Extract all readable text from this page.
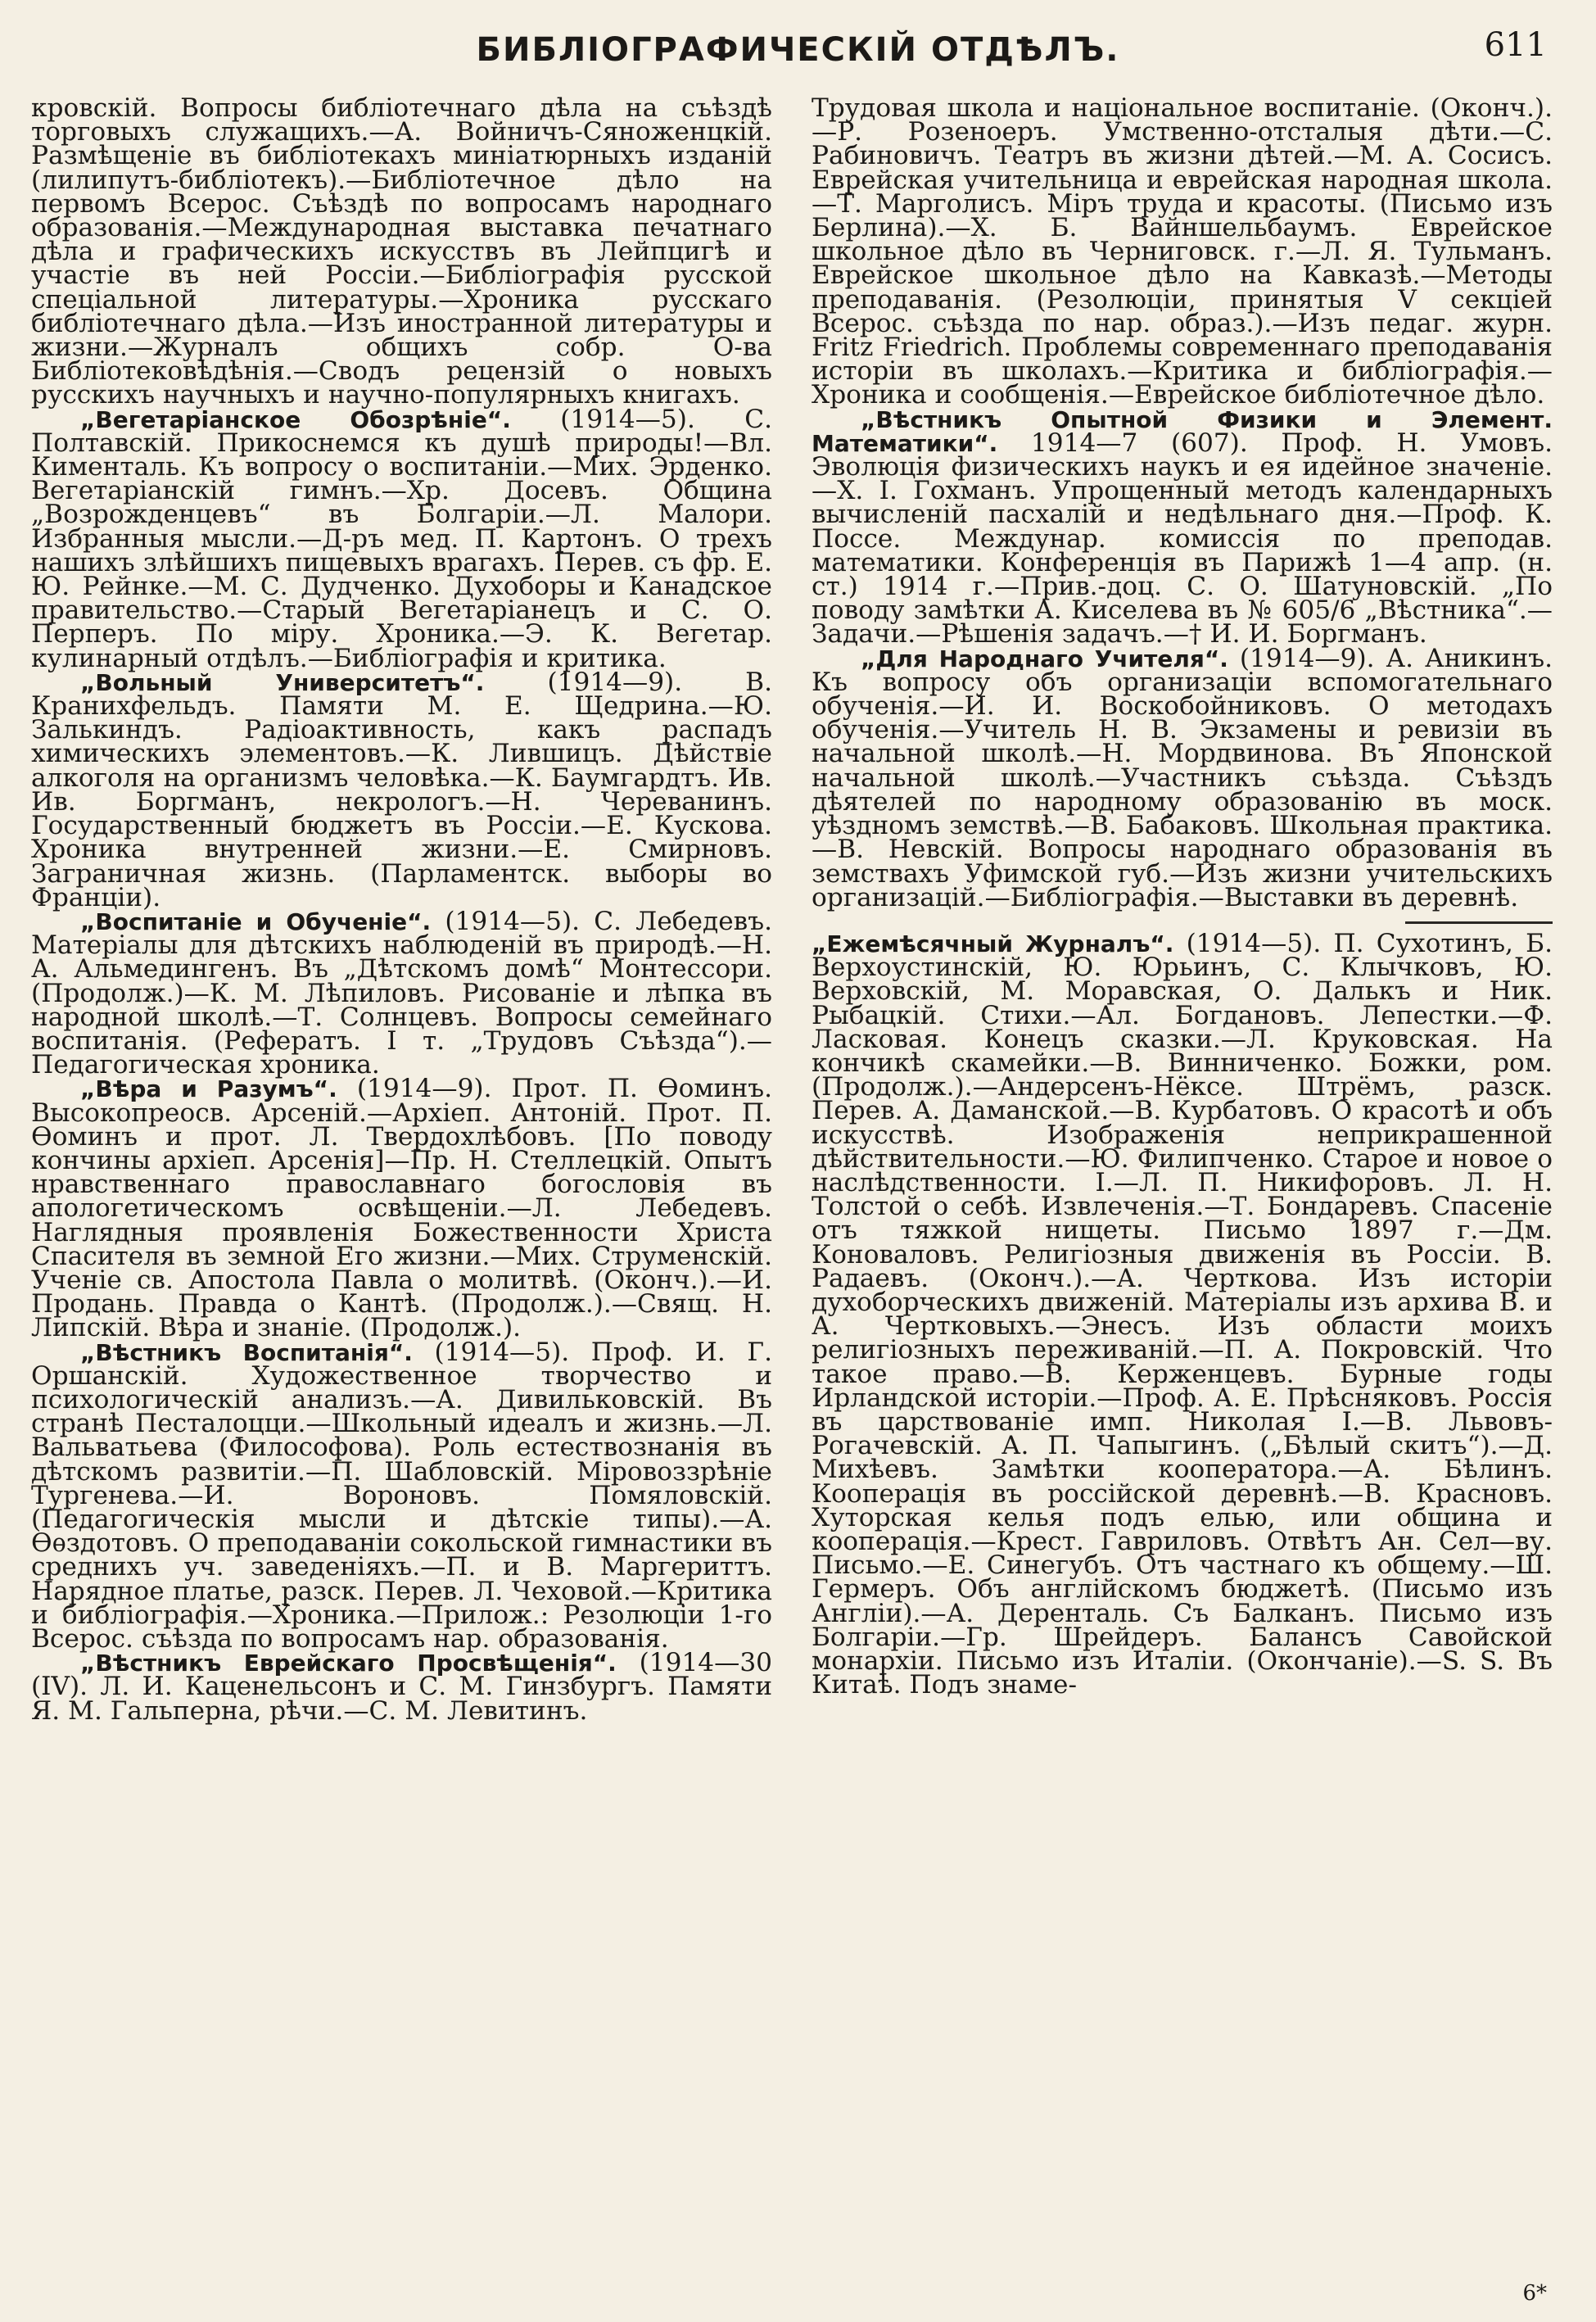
БИБЛІОГРАФИЧЕСКІЙ ОТДѢЛЪ.	611

кровскій. Вопросы библіотечнаго дѣла на съѣздѣ торговыхъ служащихъ.—А. Войничъ-Сяноженцкій. Размѣщеніе въ библіотекахъ миніатюрныхъ изданій (лилипутъ-библіотекъ).—Библіотечное дѣло на первомъ Всерос. Съѣздѣ по вопросамъ народнаго образованія.—Международная выставка печатнаго дѣла и графическихъ искусствъ въ Лейпцигѣ и участіе въ ней Россіи.—Библіографія русской спеціальной литературы.—Хроника русскаго библіотечнаго дѣла.—Изъ иностранной литературы и жизни.—Журналъ общихъ собр. О-ва Библіотековѣдѣнія.—Сводъ рецензій о новыхъ русскихъ научныхъ и научно-популярныхъ книгахъ.

„Вегетаріанское Обозрѣніе“. (1914—5). С. Полтавскій. Прикоснемся къ душѣ природы!—Вл. Кименталь. Къ вопросу о воспитаніи.—Мих. Эрденко. Вегетаріанскій гимнъ.—Хр. Досевъ. Община „Возрожденцевъ“ въ Болгаріи.—Л. Малори. Избранныя мысли.—Д-ръ мед. П. Картонъ. О трехъ нашихъ злѣйшихъ пищевыхъ врагахъ. Перев. съ фр. Е. Ю. Рейнке.—М. С. Дудченко. Духоборы и Канадское правительство.—Старый Вегетаріанецъ и С. О. Перперъ. По міру. Хроника.—Э. К. Вегетар. кулинарный отдѣлъ.—Библіографія и критика.

„Вольный Университетъ“. (1914—9). В. Кранихфельдъ. Памяти М. Е. Щедрина.—Ю. Залькиндъ. Радіоактивность, какъ распадъ химическихъ элементовъ.—К. Лившицъ. Дѣйствіе алкоголя на организмъ человѣка.—К. Баумгардтъ. Ив. Ив. Боргманъ, некрологъ.—Н. Череванинъ. Государственный бюджетъ въ Россіи.—Е. Кускова. Хроника внутренней жизни.—Е. Смирновъ. Заграничная жизнь. (Парламентск. выборы во Франціи).

„Воспитаніе и Обученіе“. (1914—5). С. Лебедевъ. Матеріалы для дѣтскихъ наблюденій въ природѣ.—Н. А. Альмедингенъ. Въ „Дѣтскомъ домѣ“ Монтессори. (Продолж.)—К. М. Лѣпиловъ. Рисованіе и лѣпка въ народной школѣ.—Т. Солнцевъ. Вопросы семейнаго воспитанія. (Рефератъ. І т. „Трудовъ Съѣзда“).—Педагогическая хроника.

„Вѣра и Разумъ“. (1914—9). Прот. П. Ѳоминъ. Высокопреосв. Арсеній.—Архіеп. Антоній. Прот. П. Ѳоминъ и прот. Л. Твердохлѣбовъ. [По поводу кончины архіеп. Арсенія]—Пр. Н. Стеллецкій. Опытъ нравственнаго православнаго богословія въ апологетическомъ освѣщеніи.—Л. Лебедевъ. Наглядныя проявленія Божественности Христа Спасителя въ земной Его жизни.—Мих. Струменскій. Ученіе св. Апостола Павла о молитвѣ. (Оконч.).—И. Продань. Правда о Кантѣ. (Продолж.).—Свящ. Н. Липскій. Вѣра и знаніе. (Продолж.).

„Вѣстникъ Воспитанія“. (1914—5). Проф. И. Г. Оршанскій. Художественное творчество и психологическій анализъ.—А. Дивильковскій. Въ странѣ Песталоцци.—Школьный идеалъ и жизнь.—Л. Вальватьева (Философова). Роль естествознанія въ дѣтскомъ развитіи.—П. Шабловскій. Міровоззрѣніе Тургенева.—И. Вороновъ. Помяловскій. (Педагогическія мысли и дѣтскіе типы).—А. Ѳѳздотовъ. О преподаваніи сокольской гимнастики въ среднихъ уч. заведеніяхъ.—П. и В. Маргериттъ. Нарядное платье, разск. Перев. Л. Чеховой.—Критика и библіографія.—Хроника.—Прилож.: Резолюціи 1-го Всерос. съѣзда по вопросамъ нар. образованія.

„Вѣстникъ Еврейскаго Просвѣщенія“. (1914—30 (IV). Л. И. Каценельсонъ и С. М. Гинзбургъ. Памяти Я. М. Гальперна, рѣчи.—С. М. Левитинъ.

Трудовая школа и національное воспитаніе. (Оконч.).—Р. Розеноеръ. Умственно-отсталыя дѣти.—С. Рабиновичъ. Театръ въ жизни дѣтей.—М. А. Сосисъ. Еврейская учительница и еврейская народная школа.—Т. Марголисъ. Міръ труда и красоты. (Письмо изъ Берлина).—Х. Б. Вайншельбаумъ. Еврейское школьное дѣло въ Черниговск. г.—Л. Я. Тульманъ. Еврейское школьное дѣло на Кавказѣ.—Методы преподаванія. (Резолюціи, принятыя V секціей Всерос. съѣзда по нар. образ.).—Изъ педаг. журн. Fritz Friedrich. Проблемы современнаго преподаванія исторіи въ школахъ.—Критика и библіографія.—Хроника и сообщенія.—Еврейское библіотечное дѣло.

„Вѣстникъ Опытной Физики и Элемент. Математики“. 1914—7 (607). Проф. Н. Умовъ. Эволюція физическихъ наукъ и ея идейное значеніе.—Х. І. Гохманъ. Упрощенный методъ календарныхъ вычисленій пасхалій и недѣльнаго дня.—Проф. К. Поссе. Междунар. комиссія по преподав. математики. Конференція въ Парижѣ 1—4 апр. (н. ст.) 1914 г.—Прив.-доц. С. О. Шатуновскій. „По поводу замѣтки А. Киселева въ № 605/6 „Вѣстника“.—Задачи.—Рѣшенія задачъ.—† И. И. Боргманъ.

„Для Народнаго Учителя“. (1914—9). А. Аникинъ. Къ вопросу объ организаціи вспомогательнаго обученія.—И. И. Воскобойниковъ. О методахъ обученія.—Учитель Н. В. Экзамены и ревизіи въ начальной школѣ.—Н. Мордвинова. Въ Японской начальной школѣ.—Участникъ съѣзда. Съѣздъ дѣятелей по народному образованію въ моск. уѣздномъ земствѣ.—В. Бабаковъ. Школьная практика.—В. Невскій. Вопросы народнаго образованія въ земствахъ Уфимской губ.—Изъ жизни учительскихъ организацій.—Библіографія.—Выставки въ деревнѣ.

„Ежемѣсячный Журналъ“. (1914—5). П. Сухотинъ, Б. Верхоустинскій, Ю. Юрьинъ, С. Клычковъ, Ю. Верховскій, М. Моравская, О. Далькъ и Ник. Рыбацкій. Стихи.—Ал. Богдановъ. Лепестки.—Ф. Ласковая. Конецъ сказки.—Л. Круковская. На кончикѣ скамейки.—В. Винниченко. Божки, ром. (Продолж.).—Андерсенъ-Нёксе. Штрёмъ, разск. Перев. А. Даманской.—В. Курбатовъ. О красотѣ и объ искусствѣ. Изображенія неприкрашенной дѣйствительности.—Ю. Филипченко. Старое и новое о наслѣдственности. І.—Л. П. Никифоровъ. Л. Н. Толстой о себѣ. Извлеченія.—Т. Бондаревъ. Спасеніе отъ тяжкой нищеты. Письмо 1897 г.—Дм. Коноваловъ. Религіозныя движенія въ Россіи. В. Радаевъ. (Оконч.).—А. Черткова. Изъ исторіи духоборческихъ движеній. Матеріалы изъ архива В. и А. Чертковыхъ.—Энесъ. Изъ области моихъ религіозныхъ переживаній.—П. А. Покровскій. Что такое право.—В. Керженцевъ. Бурные годы Ирландской исторіи.—Проф. А. Е. Прѣсняковъ. Россія въ царствованіе имп. Николая І.—В. Львовъ-Рогачевскій. А. П. Чапыгинъ. („Бѣлый скитъ“).—Д. Михѣевъ. Замѣтки кооператора.—А. Бѣлинъ. Кооперація въ россійской деревнѣ.—В. Красновъ. Хуторская келья подъ елью, или община и кооперація.—Крест. Гавриловъ. Отвѣтъ Ан. Сел—ву. Письмо.—Е. Синегубъ. Отъ частнаго къ общему.—Ш. Гермеръ. Объ англійскомъ бюджетѣ. (Письмо изъ Англіи).—А. Деренталь. Съ Балканъ. Письмо изъ Болгаріи.—Гр. Шрейдеръ. Балансъ Савойской монархіи. Письмо изъ Италіи. (Окончаніе).—S. S. Въ Китаѣ. Подъ знаме-

6*
